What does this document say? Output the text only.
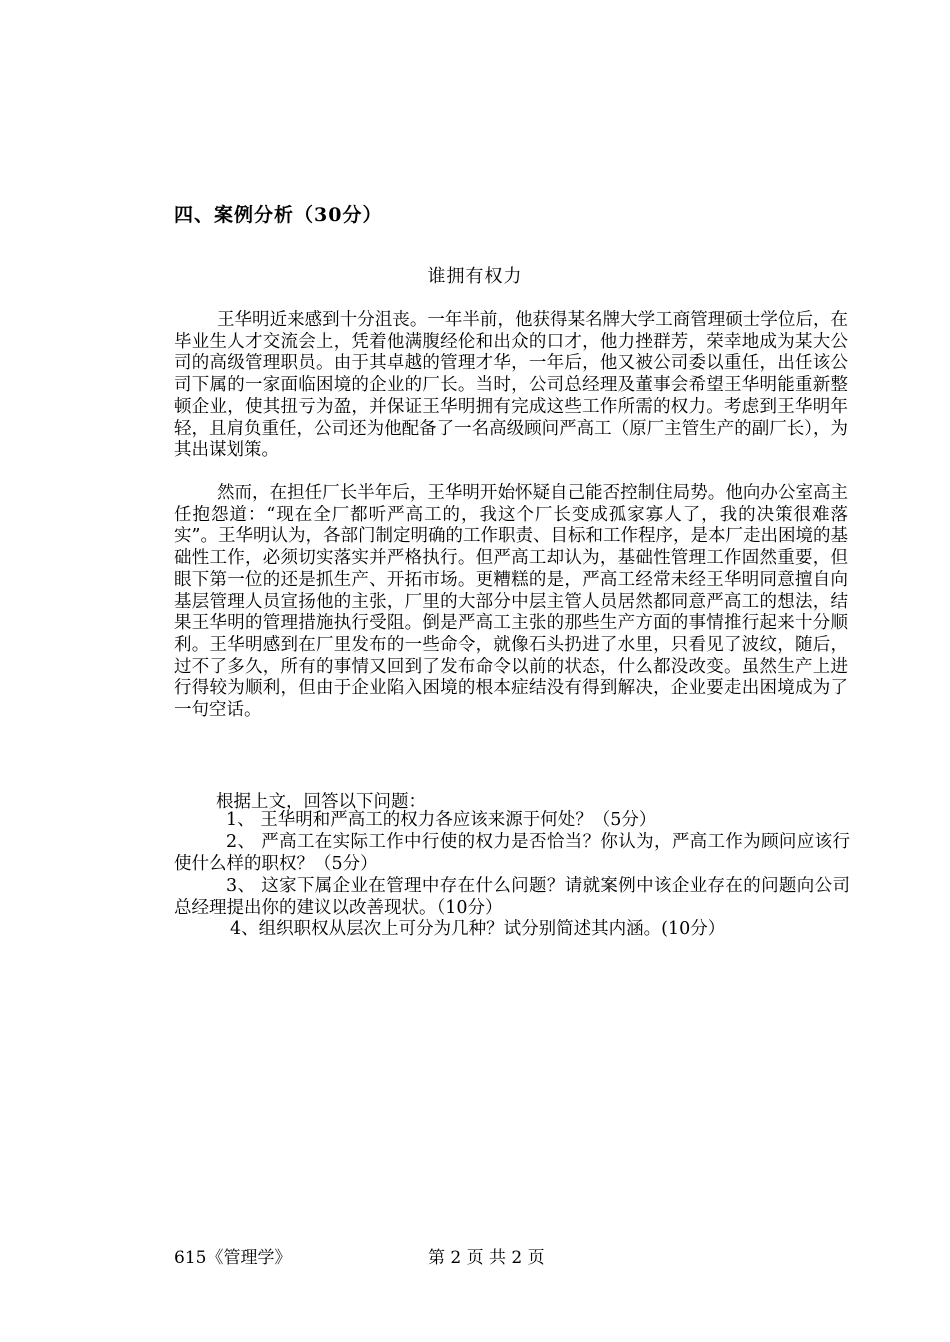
四、案例分析（30分）
谁拥有权力
王华明近来感到十分沮丧。一年半前，他获得某名牌大学工商管理硕士学位后，在毕业生人才交流会上，凭着他满腹经伦和出众的口才，他力挫群芳，荣幸地成为某大公司的高级管理职员。由于其卓越的管理才华，一年后，他又被公司委以重任，出任该公司下属的一家面临困境的企业的厂长。当时，公司总经理及董事会希望王华明能重新整顿企业，使其扭亏为盈，并保证王华明拥有完成这些工作所需的权力。考虑到王华明年轻，且肩负重任，公司还为他配备了一名高级顾问严高工（原厂主管生产的副厂长），为其出谋划策。
然而，在担任厂长半年后，王华明开始怀疑自己能否控制住局势。他向办公室高主任抱怨道：“现在全厂都听严高工的，我这个厂长变成孤家寡人了，我的决策很难落实”。王华明认为，各部门制定明确的工作职责、目标和工作程序，是本厂走出困境的基础性工作，必须切实落实并严格执行。但严高工却认为，基础性管理工作固然重要，但眼下第一位的还是抓生产、开拓市场。更糟糕的是，严高工经常未经王华明同意擅自向基层管理人员宣扬他的主张，厂里的大部分中层主管人员居然都同意严高工的想法，结果王华明的管理措施执行受阻。倒是严高工主张的那些生产方面的事情推行起来十分顺利。王华明感到在厂里发布的一些命令，就像石头扔进了水里，只看见了波纹，随后，过不了多久，所有的事情又回到了发布命令以前的状态，什么都没改变。虽然生产上进行得较为顺利，但由于企业陷入困境的根本症结没有得到解决，企业要走出困境成为了一句空话。
根据上文，回答以下问题：
1、 王华明和严高工的权力各应该来源于何处？（5分）
2、 严高工在实际工作中行使的权力是否恰当？你认为，严高工作为顾问应该行使什么样的职权？（5分）
3、 这家下属企业在管理中存在什么问题？请就案例中该企业存在的问题向公司总经理提出你的建议以改善现状。（10分）
4、组织职权从层次上可分为几种？试分别简述其内涵。(10分）
615《管理学》	第 2 页 共 2 页
